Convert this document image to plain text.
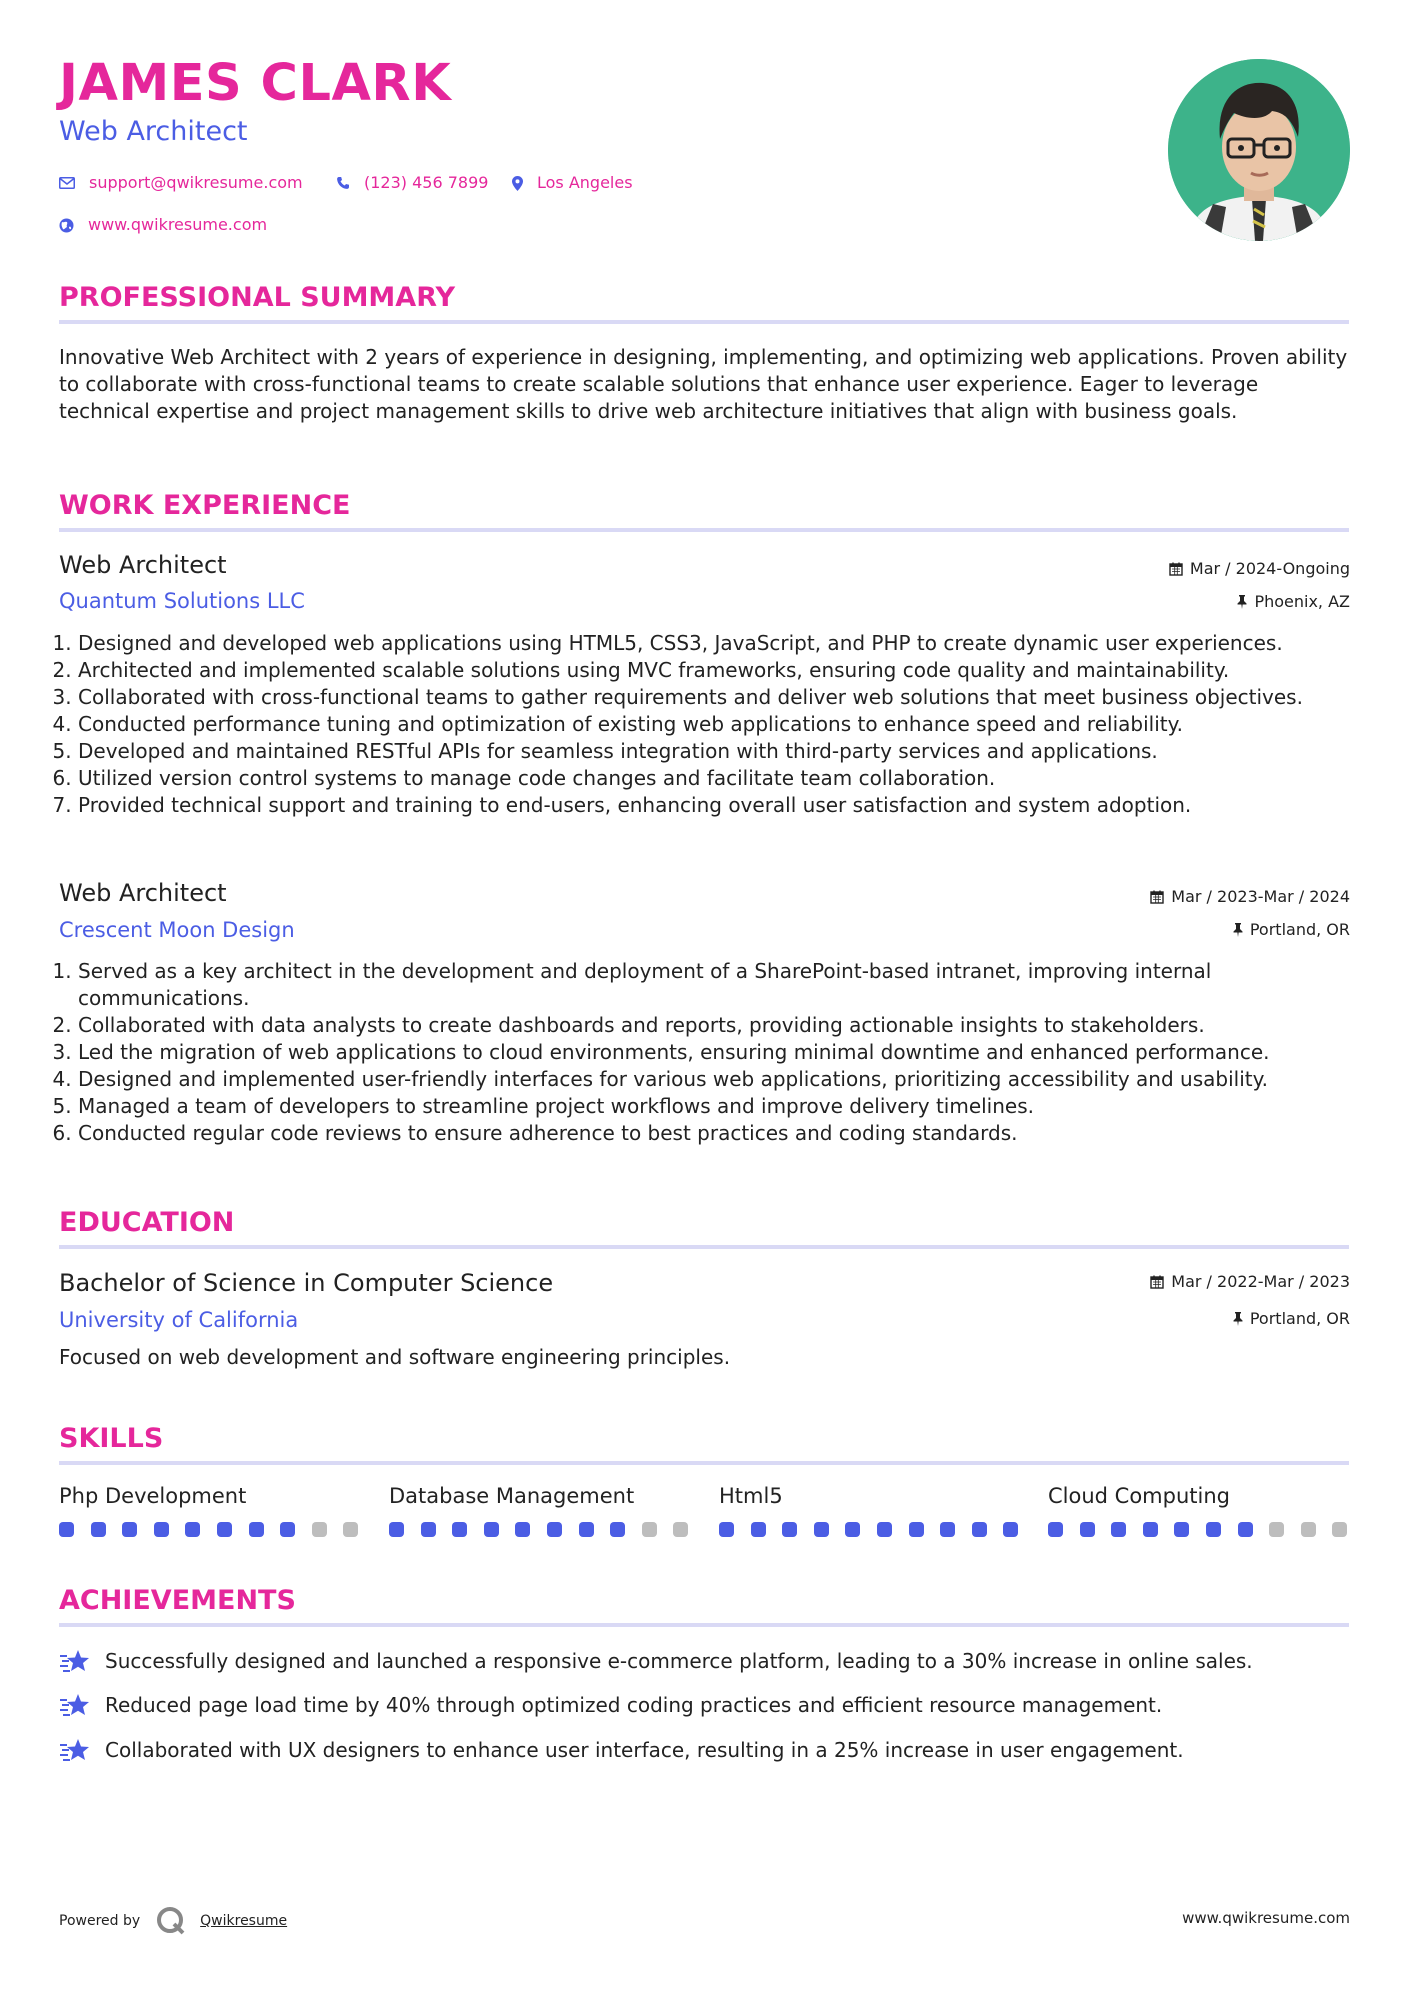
JAMES CLARK
Web Architect
support@qwikresume.com	(123) 456 7899	Los Angeles
www.qwikresume.com
PROFESSIONAL SUMMARY
Innovative Web Architect with 2 years of experience in designing, implementing, and optimizing web applications. Proven ability to collaborate with cross-functional teams to create scalable solutions that enhance user experience. Eager to leverage technical expertise and project management skills to drive web architecture initiatives that align with business goals.
WORK EXPERIENCE
Web Architect
Quantum Solutions LLC
Mar / 2024-Ongoing
Phoenix, AZ
1. Designed and developed web applications using HTML5, CSS3, JavaScript, and PHP to create dynamic user experiences.
2. Architected and implemented scalable solutions using MVC frameworks, ensuring code quality and maintainability.
3. Collaborated with cross-functional teams to gather requirements and deliver web solutions that meet business objectives.
4. Conducted performance tuning and optimization of existing web applications to enhance speed and reliability.
5. Developed and maintained RESTful APIs for seamless integration with third-party services and applications.
6. Utilized version control systems to manage code changes and facilitate team collaboration.
7. Provided technical support and training to end-users, enhancing overall user satisfaction and system adoption.
Web Architect
Crescent Moon Design
Mar / 2023-Mar / 2024
Portland, OR
1. Served as a key architect in the development and deployment of a SharePoint-based intranet, improving internal communications.
2. Collaborated with data analysts to create dashboards and reports, providing actionable insights to stakeholders.
3. Led the migration of web applications to cloud environments, ensuring minimal downtime and enhanced performance.
4. Designed and implemented user-friendly interfaces for various web applications, prioritizing accessibility and usability.
5. Managed a team of developers to streamline project workflows and improve delivery timelines.
6. Conducted regular code reviews to ensure adherence to best practices and coding standards.
EDUCATION
Bachelor of Science in Computer Science
University of California
Mar / 2022-Mar / 2023
Portland, OR
Focused on web development and software engineering principles.
SKILLS
Php Development	Database Management	Html5	Cloud Computing
ACHIEVEMENTS
Successfully designed and launched a responsive e-commerce platform, leading to a 30% increase in online sales.
Reduced page load time by 40% through optimized coding practices and efficient resource management.
Collaborated with UX designers to enhance user interface, resulting in a 25% increase in user engagement.
Powered by	Qwikresume	www.qwikresume.com
